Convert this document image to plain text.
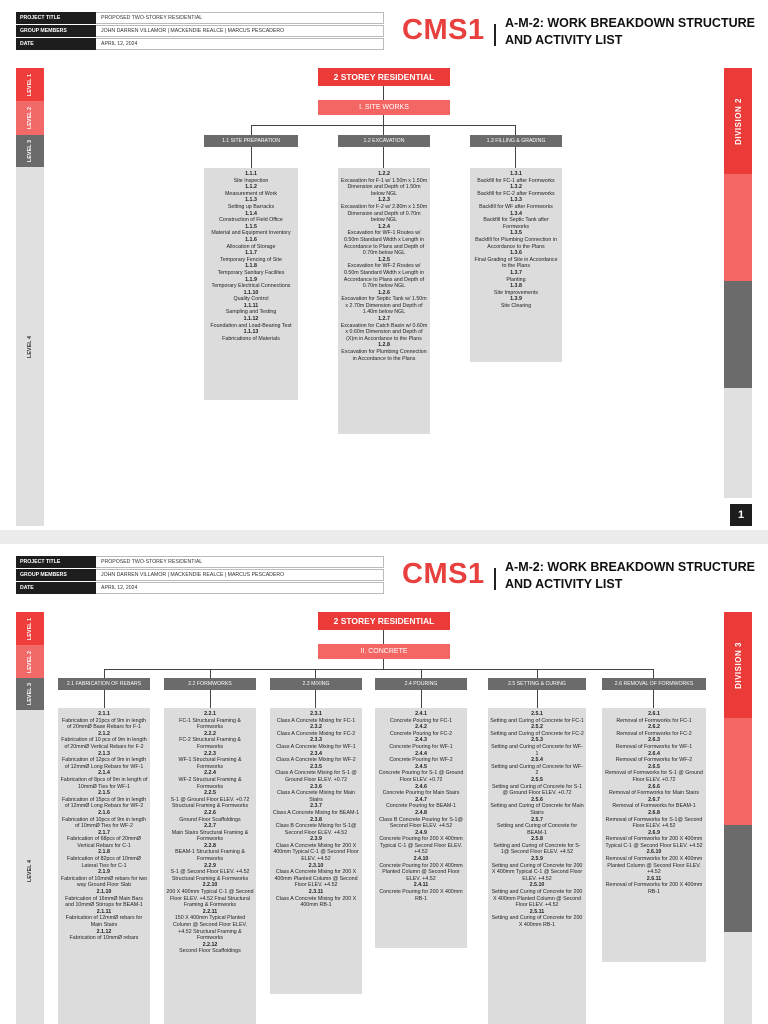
PROJECT TITLE	PROPOSED TWO-STOREY RESIDENTIAL
GROUP MEMBERS	JOHN DARREN VILLAMOR | MACKENDIE REALCE | MARCUS PESCADERO
DATE	APRIL 12, 2024	CMS1 A-M-2: WORK BREAKDOWN STRUCTURE
AND ACTIVITY LIST
LEVEL 1
LEVEL 2
LEVEL 3
LEVEL 4
DIVISION 2
1
2 STOREY RESIDENTIAL
I. SITE WORKS
1.1 SITE PREPARATION	1.2 EXCAVATION	1.3 FILLING & GRADING
1.1.1
Site Inspection
1.1.2
Measurement of Work
1.1.3
Setting up Barracks
1.1.4
Construction of Field Office
1.1.5
Material and Equipment Inventory
1.1.6
Allocation of Storage
1.1.7
Temporary Fencing of Site
1.1.8
Temporary Sanitary Facilites
1.1.9
Temporary Electrical Connections
1.1.10
Quality Control
1.1.11
Sampling and Testing
1.1.12
Foundation and Load-Bearing Test
1.1.13
Fabrications of Materials
1.2.2
Excavation for F-1 w/ 1.50m x 1.50m Dimension and Depth of 1.50m below NGL
1.2.3
Excavation for F-2 w/ 2.80m x 1.50m Dimension and Depth of 0.70m below NGL
1.2.4
Excavation for WF-1 Routes w/ 0.50m Standard Width x Length in Accordance to Plans and Depth of 0.70m below NGL
1.2.5
Excavation for WF-2 Routes w/ 0.50m Standard Width x Length in Accordance to Plans and Depth of 0.70m below NGL
1.2.6
Excavation for Septic Tank w/ 1.50m x 2.70m Dimension and Depth of 1.40m below NGL
1.2.7
Excavation for Catch Basin w/ 0.60m x 0.60m Dimension and Depth of (X)m in Accordance to the Plans
1.2.8
Excavation for Plumbing Connection in Accordance to the Plans
1.3.1
Backfill for FC-1 after Formworks
1.3.2
Backfill for FC-2 after Formworks
1.3.3
Backfill for WF after Formworks
1.3.4
Backfill for Septic Tank after Formworks
1.3.5
Backfill for Plumbing Connection in Accordance to the Plans
1.3.6
Final Grading of Site in Accordance to the Plans
1.3.7
Planting
1.3.8
Site Improvements
1.3.9
Site Clearing
PROJECT TITLE	PROPOSED TWO-STOREY RESIDENTIAL
GROUP MEMBERS	JOHN DARREN VILLAMOR | MACKENDIE REALCE | MARCUS PESCADERO
DATE	APRIL 12, 2024	CMS1 A-M-2: WORK BREAKDOWN STRUCTURE
AND ACTIVITY LIST
LEVEL 1
LEVEL 2
LEVEL 3
LEVEL 4
DIVISION 3
2 STOREY RESIDENTIAL
II. CONCRETE
2.1 FABRICATION OF REBARS	2.2 FORMWORKS	2.3 MIXING	2.4 POURING	2.5 SETTING & CURING	2.6 REMOVAL OF FORMWORKS
2.1.1
Fabrication of 21pcs of 9m in length of 20mmØ Base Rebars for F-1
2.1.2
Fabrication of 10 pcs of 9m in length of 20mmØ Vertical Rebars for F-2
2.1.3
Fabrication of 12pcs of 9m in length of 12mmØ Long Rebars for WF-1
2.1.4
Fabrication of 8pcs of 9m in length of 10mmØ Ties for WF-1
2.1.5
Fabrication of 15pcs of 9m in length of 12mmØ Long Rebars for WF-2
2.1.6
Fabrication of 10pcs of 9m in length of 10mmØ Ties for WF-2
2.1.7
Fabrication of 68pcs of 20mmØ Vertical Rebars for C-1
2.1.8
Fabrication of 82pcs of 10mmØ Lateral Ties for C-1
2.1.9
Fabrication of 10mmØ rebars for two way Ground Floor Slab
2.1.10
Fabrication of 16mmØ Main Bars and 10mmØ Stirrups for BEAM-1
2.1.11
Fabrication of 12mmØ rebars for Main Stairs
2.1.12
Fabrication of 10mmØ rebars
2.2.1
FC-1 Structural Framing & Formworks
2.2.2
FC-2 Structural Framing & Formworks
2.2.3
WF-1 Structural Framing & Formworks
2.2.4
WF-2 Structural Framing & Formworks
2.2.5
S-1 @ Ground Floor ELEV. +0.72 Structural Framing & Formworks
2.2.6
Ground Floor Scaffoldings
2.2.7
Main Stairs Structural Framing & Formworks
2.2.8
BEAM-1 Structural Framing & Formworks
2.2.9
S-1 @ Second Floor ELEV. +4.52 Structural Framing & Formworks
2.2.10
200 X 400mm Typical C-1 @ Second Floor ELEV. +4.52 Final Structural Framing & Formworks
2.2.11
150 X 400mm Typical Planted Column @ Second Floor ELEV. +4.52 Structural Framing & Formworks
2.2.12
Second Floor Scaffoldings
2.3.1
Class A Concrete Mixing for FC-1
2.3.2
Class A Concrete Mixing for FC-2
2.3.3
Class A Concrete Mixing for WF-1
2.3.4
Class A Concrete Mixing for WF-2
2.3.5
Class A Concrete Mixing for S-1 @ Ground Floor ELEV. +0.72
2.3.6
Class A Concrete Mixing for Main Stairs
2.3.7
Class A Concrete Mixing for BEAM-1
2.3.8
Class B Concrete Mixing for S-1@ Second Floor ELEV. +4.52
2.3.9
Class A Concrete Mixing for 200 X 400mm Typical C-1 @ Second Floor ELEV. +4.52
2.3.10
Class A Concrete Mixing for 200 X 400mm Planted Column @ Second Floor ELEV. +4.52
2.3.11
Class A Concrete Mixing for 200 X 400mm RB-1
2.4.1
Concrete Pouring for FC-1
2.4.2
Concrete Pouring for FC-2
2.4.3
Concrete Pouring for WF-1
2.4.4
Concrete Pouring for WF-2
2.4.5
Concrete Pouring for S-1 @ Ground Floor ELEV. +0.72
2.4.6
Concrete Pouring for Main Stairs
2.4.7
Concrete Pouring for BEAM-1
2.4.8
Class B Concrete Pouring for S-1@ Second Floor ELEV. +4.52
2.4.9
Concrete Pouring for 200 X 400mm Typical C-1 @ Second Floor ELEV. +4.52
2.4.10
Concrete Pouring for 200 X 400mm Planted Column @ Second Floor ELEV. +4.52
2.4.11
Concrete Pouring for 200 X 400mm RB-1
2.5.1
Setting and Curing of Concrete for FC-1
2.5.2
Setting and Curing of Concrete for FC-2
2.5.3
Setting and Curing of Concrete for WF-1
2.5.4
Setting and Curing of Concrete for WF-2
2.5.5
Setting and Curing of Concrete for S-1 @ Ground Floor ELEV. +0.72
2.5.6
Setting and Curing of Concrete for Main Stairs
2.5.7
Setting and Curing of Concrete for BEAM-1
2.5.8
Setting and Curing of Concrete for S-1@ Second Floor ELEV. +4.52
2.5.9
Setting and Curing of Concrete for 200 X 400mm Typical C-1 @ Second Floor ELEV. +4.52
2.5.10
Setting and Curing of Concrete for 200 X 400mm Planted Column @ Second Floor ELEV. +4.52
2.5.11
Setting and Curing of Concrete for 200 X 400mm RB-1
2.6.1
Removal of Formworks for FC-1
2.6.2
Removal of Formworks for FC-2
2.6.3
Removal of Formworks for WF-1
2.6.4
Removal of Formworks for WF-2
2.6.5
Removal of Formworks for S-1 @ Ground Floor ELEV. +0.72
2.6.6
Removal of Formworks for Main Stairs
2.6.7
Removal of Formworks for BEAM-1
2.6.8
Removal of Formworks for S-1@ Second Floor ELEV. +4.52
2.6.9
Removal of Formworks for 200 X 400mm Typical C-1 @ Second Floor ELEV. +4.52
2.6.10
Removal of Formworks for 200 X 400mm Planted Column @ Second Floor ELEV. +4.52
2.6.11
Removal of Formworks for 200 X 400mm RB-1
